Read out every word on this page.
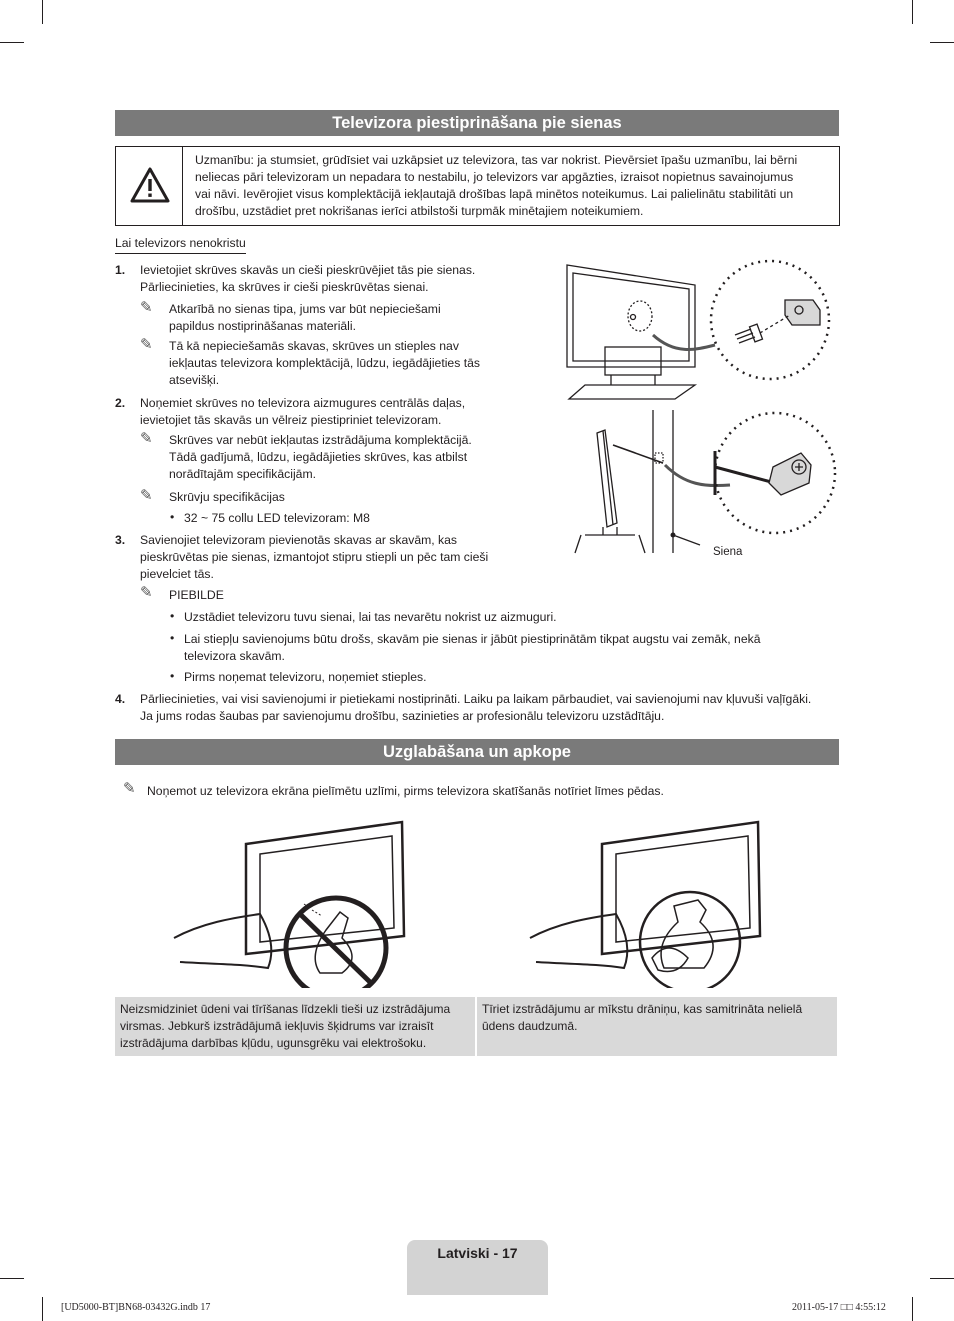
Televizora piestiprināšana pie sienas
Uzmanību: ja stumsiet, grūdīsiet vai uzkāpsiet uz televizora, tas var nokrist. Pievērsiet īpašu uzmanību, lai bērni
neliecas pāri televizoram un nepadara to nestabilu, jo televizors var apgāzties, izraisot nopietnus savainojumus
vai nāvi. Ievērojiet visus komplektācijā iekļautajā drošības lapā minētos noteikumus. Lai palielinātu stabilitāti un
drošību, uzstādiet pret nokrišanas ierīci atbilstoši turpmāk minētajiem noteikumiem.
Lai televizors nenokristu
1. Ievietojiet skrūves skavās un cieši pieskrūvējiet tās pie sienas.
Pārliecinieties, ka skrūves ir cieši pieskrūvētas sienai.
✎ Atkarībā no sienas tipa, jums var būt nepieciešami
papildus nostiprināšanas materiāli.
✎ Tā kā nepieciešamās skavas, skrūves un stieples nav
iekļautas televizora komplektācijā, lūdzu, iegādājieties tās
atsevišķi.
2. Noņemiet skrūves no televizora aizmugures centrālās daļas,
ievietojiet tās skavās un vēlreiz piestipriniet televizoram.
✎ Skrūves var nebūt iekļautas izstrādājuma komplektācijā.
Tādā gadījumā, lūdzu, iegādājieties skrūves, kas atbilst
norādītajām specifikācijām.
✎ Skrūvju specifikācijas
• 32 ~ 75 collu LED televizoram: M8
3. Savienojiet televizoram pievienotās skavas ar skavām, kas
pieskrūvētas pie sienas, izmantojot stipru stiepli un pēc tam cieši
pievelciet tās.
✎ PIEBILDE
• Uzstādiet televizoru tuvu sienai, lai tas nevarētu nokrist uz aizmuguri.
• Lai stiepļu savienojums būtu drošs, skavām pie sienas ir jābūt piestiprinātām tikpat augstu vai zemāk, nekā
televizora skavām.
• Pirms noņemat televizoru, noņemiet stieples.
4. Pārliecinieties, vai visi savienojumi ir pietiekami nostiprināti. Laiku pa laikam pārbaudiet, vai savienojumi nav kļuvuši vaļīgāki.
Ja jums rodas šaubas par savienojumu drošību, sazinieties ar profesionālu televizoru uzstādītāju.
Siena
Uzglabāšana un apkope
✎ Noņemot uz televizora ekrāna pielīmētu uzlīmi, pirms televizora skatīšanās notīriet līmes pēdas.
Neizsmidziniet ūdeni vai tīrīšanas līdzekli tieši uz izstrādājuma
virsmas. Jebkurš izstrādājumā iekļuvis šķidrums var izraisīt
izstrādājuma darbības kļūdu, ugunsgrēku vai elektrošoku.
Tīriet izstrādājumu ar mīkstu drāniņu, kas samitrināta nelielā
ūdens daudzumā.
Latviski - 17
[UD5000-BT]BN68-03432G.indb 17	2011-05-17 □□ 4:55:12
